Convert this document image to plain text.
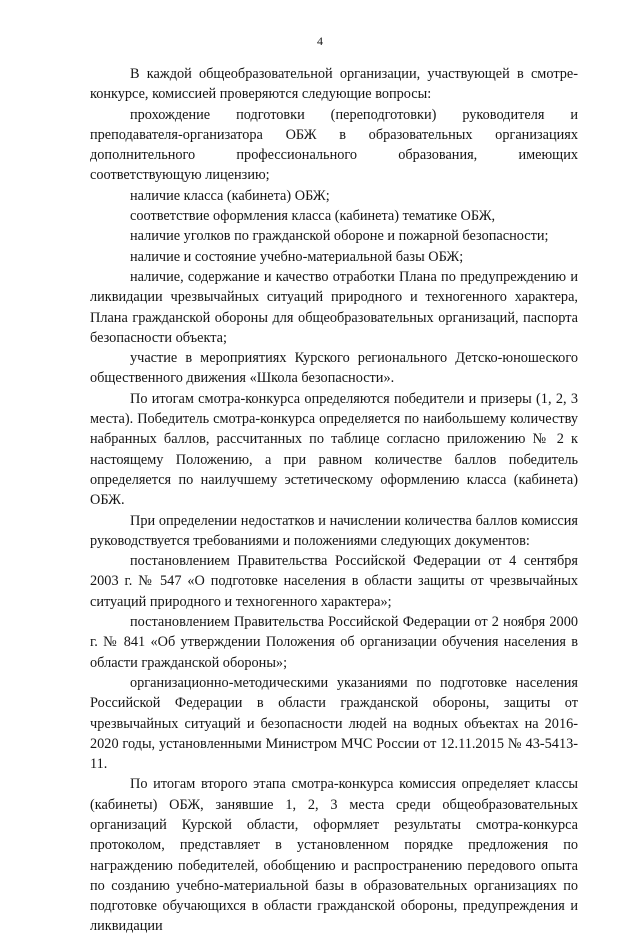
4

В каждой общеобразовательной организации, участвующей в смотре-конкурсе, комиссией проверяются следующие вопросы:

прохождение подготовки (переподготовки) руководителя и преподавателя-организатора ОБЖ в образовательных организациях дополнительного профессионального образования, имеющих соответствующую лицензию;

наличие класса (кабинета) ОБЖ;

соответствие оформления класса (кабинета) тематике ОБЖ,

наличие уголков по гражданской обороне и пожарной безопасности;

наличие и состояние учебно-материальной базы ОБЖ;

наличие, содержание и качество отработки Плана по предупреждению и ликвидации чрезвычайных ситуаций природного и техногенного характера, Плана гражданской обороны для общеобразовательных организаций, паспорта безопасности объекта;

участие в мероприятиях Курского регионального Детско-юношеского общественного движения «Школа безопасности».

По итогам смотра-конкурса определяются победители и призеры (1, 2, 3 места). Победитель смотра-конкурса определяется по наибольшему количеству набранных баллов, рассчитанных по таблице согласно приложению № 2 к настоящему Положению, а при равном количестве баллов победитель определяется по наилучшему эстетическому оформлению класса (кабинета) ОБЖ.

При определении недостатков и начислении количества баллов комиссия руководствуется требованиями и положениями следующих документов:

постановлением Правительства Российской Федерации от 4 сентября 2003 г. № 547 «О подготовке населения в области защиты от чрезвычайных ситуаций природного и техногенного характера»;

постановлением Правительства Российской Федерации от 2 ноября 2000 г. № 841 «Об утверждении Положения об организации обучения населения в области гражданской обороны»;

организационно-методическими указаниями по подготовке населения Российской Федерации в области гражданской обороны, защиты от чрезвычайных ситуаций и безопасности людей на водных объектах на 2016-2020 годы, установленными Министром МЧС России от 12.11.2015 № 43-5413-11.

По итогам второго этапа смотра-конкурса комиссия определяет классы (кабинеты) ОБЖ, занявшие 1, 2, 3 места среди общеобразовательных организаций Курской области, оформляет результаты смотра-конкурса протоколом, представляет в установленном порядке предложения по награждению победителей, обобщению и распространению передового опыта по созданию учебно-материальной базы в образовательных организациях по подготовке обучающихся в области гражданской обороны, предупреждения и ликвидации
